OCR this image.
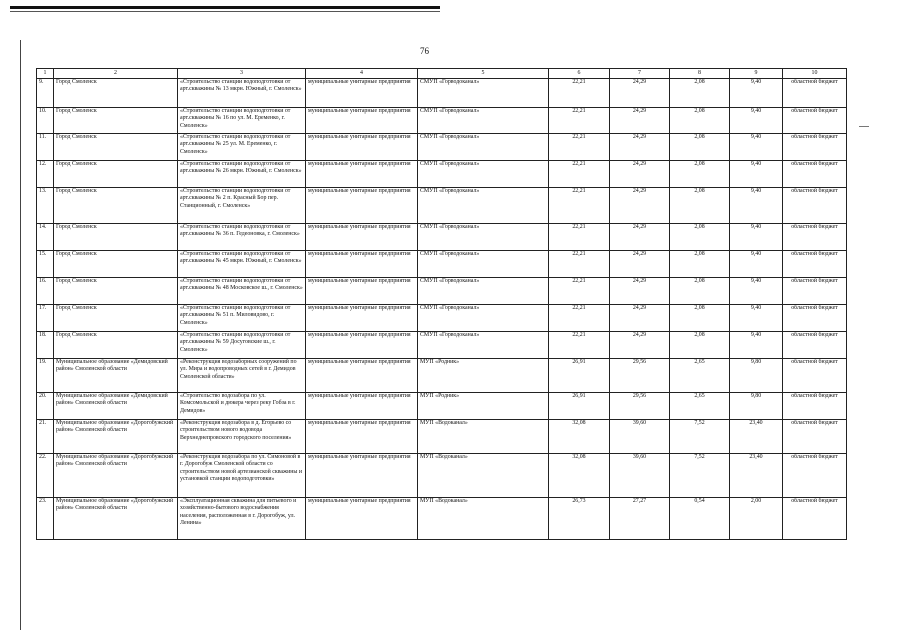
76
1	2	3	4	5	6	7	8	9	10
9.	Город Смоленск	«Строительство станции водоподготовки от арт.скважины № 13 мкрн. Южный, г. Смоленск»	муниципальные унитарные предприятия	СМУП «Горводоканал»	22,21	24,29	2,08	9,40	областной бюджет
10.	Город Смоленск	«Строительство станции водоподготовки от арт.скважины № 16 по ул. М. Еременко, г. Смоленск»	муниципальные унитарные предприятия	СМУП «Горводоканал»	22,21	24,29	2,08	9,40	областной бюджет
11.	Город Смоленск	«Строительство станции водоподготовки от арт.скважины № 25 ул. М. Еременко, г. Смоленск»	муниципальные унитарные предприятия	СМУП «Горводоканал»	22,21	24,29	2,08	9,40	областной бюджет
12.	Город Смоленск	«Строительство станции водоподготовки от арт.скважины № 26 мкрн. Южный, г. Смоленск»	муниципальные унитарные предприятия	СМУП «Горводоканал»	22,21	24,29	2,08	9,40	областной бюджет
13.	Город Смоленск	«Строительство станции водоподготовки от арт.скважины № 2 п. Красный Бор пер. Станционный, г. Смоленск»	муниципальные унитарные предприятия	СМУП «Горводоканал»	22,21	24,29	2,08	9,40	областной бюджет
14.	Город Смоленск	«Строительство станции водоподготовки от арт.скважины № 36 п. Гедеоновка, г. Смоленск»	муниципальные унитарные предприятия	СМУП «Горводоканал»	22,21	24,29	2,08	9,40	областной бюджет
15.	Город Смоленск	«Строительство станции водоподготовки от арт.скважины № 45 мкрн. Южный, г. Смоленск»	муниципальные унитарные предприятия	СМУП «Горводоканал»	22,21	24,29	2,08	9,40	областной бюджет
16.	Город Смоленск	«Строительство станции водоподготовки от арт.скважины № 48 Московское ш., г. Смоленск»	муниципальные унитарные предприятия	СМУП «Горводоканал»	22,21	24,29	2,08	9,40	областной бюджет
17.	Город Смоленск	«Строительство станции водоподготовки от арт.скважины № 51 п. Миловидово, г. Смоленск»	муниципальные унитарные предприятия	СМУП «Горводоканал»	22,21	24,29	2,08	9,40	областной бюджет
18.	Город Смоленск	«Строительство станции водоподготовки от арт.скважины № 59 Досуговские ш., г. Смоленск»	муниципальные унитарные предприятия	СМУП «Горводоканал»	22,21	24,29	2,08	9,40	областной бюджет
19.	Муниципальное образование «Демидовский район» Смоленской области	«Реконструкция водозаборных сооружений по ул. Мира и водопроводных сетей в г. Демидов Смоленской области»	муниципальные унитарные предприятия	МУП «Родник»	26,91	29,56	2,65	9,80	областной бюджет
20.	Муниципальное образование «Демидовский район» Смоленской области	«Строительство водозабора по ул. Комсомольской и дюкера через реку Гобза в г. Демидов»	муниципальные унитарные предприятия	МУП «Родник»	26,91	29,56	2,65	9,80	областной бюджет
21.	Муниципальное образование «Дорогобужский район» Смоленской области	«Реконструкция водозабора в д. Егорьево со строительством нового водовода Верхнеднепровского городского поселения»	муниципальные унитарные предприятия	МУП «Водоканал»	32,08	39,60	7,52	23,40	областной бюджет
22.	Муниципальное образование «Дорогобужский район» Смоленской области	«Реконструкция водозабора по ул. Симоновой в г. Дорогобуж Смоленской области со строительством новой артезианской скважины и установкой станции водоподготовки»	муниципальные унитарные предприятия	МУП «Водоканал»	32,08	39,60	7,52	23,40	областной бюджет
23.	Муниципальное образование «Дорогобужский район» Смоленской области	«Эксплуатационная скважина для питьевого и хозяйственно-бытового водоснабжения населения, расположенная в г. Дорогобуж, ул. Ленина»	муниципальные унитарные предприятия	МУП «Водоканал»	26,73	27,27	0,54	2,00	областной бюджет
